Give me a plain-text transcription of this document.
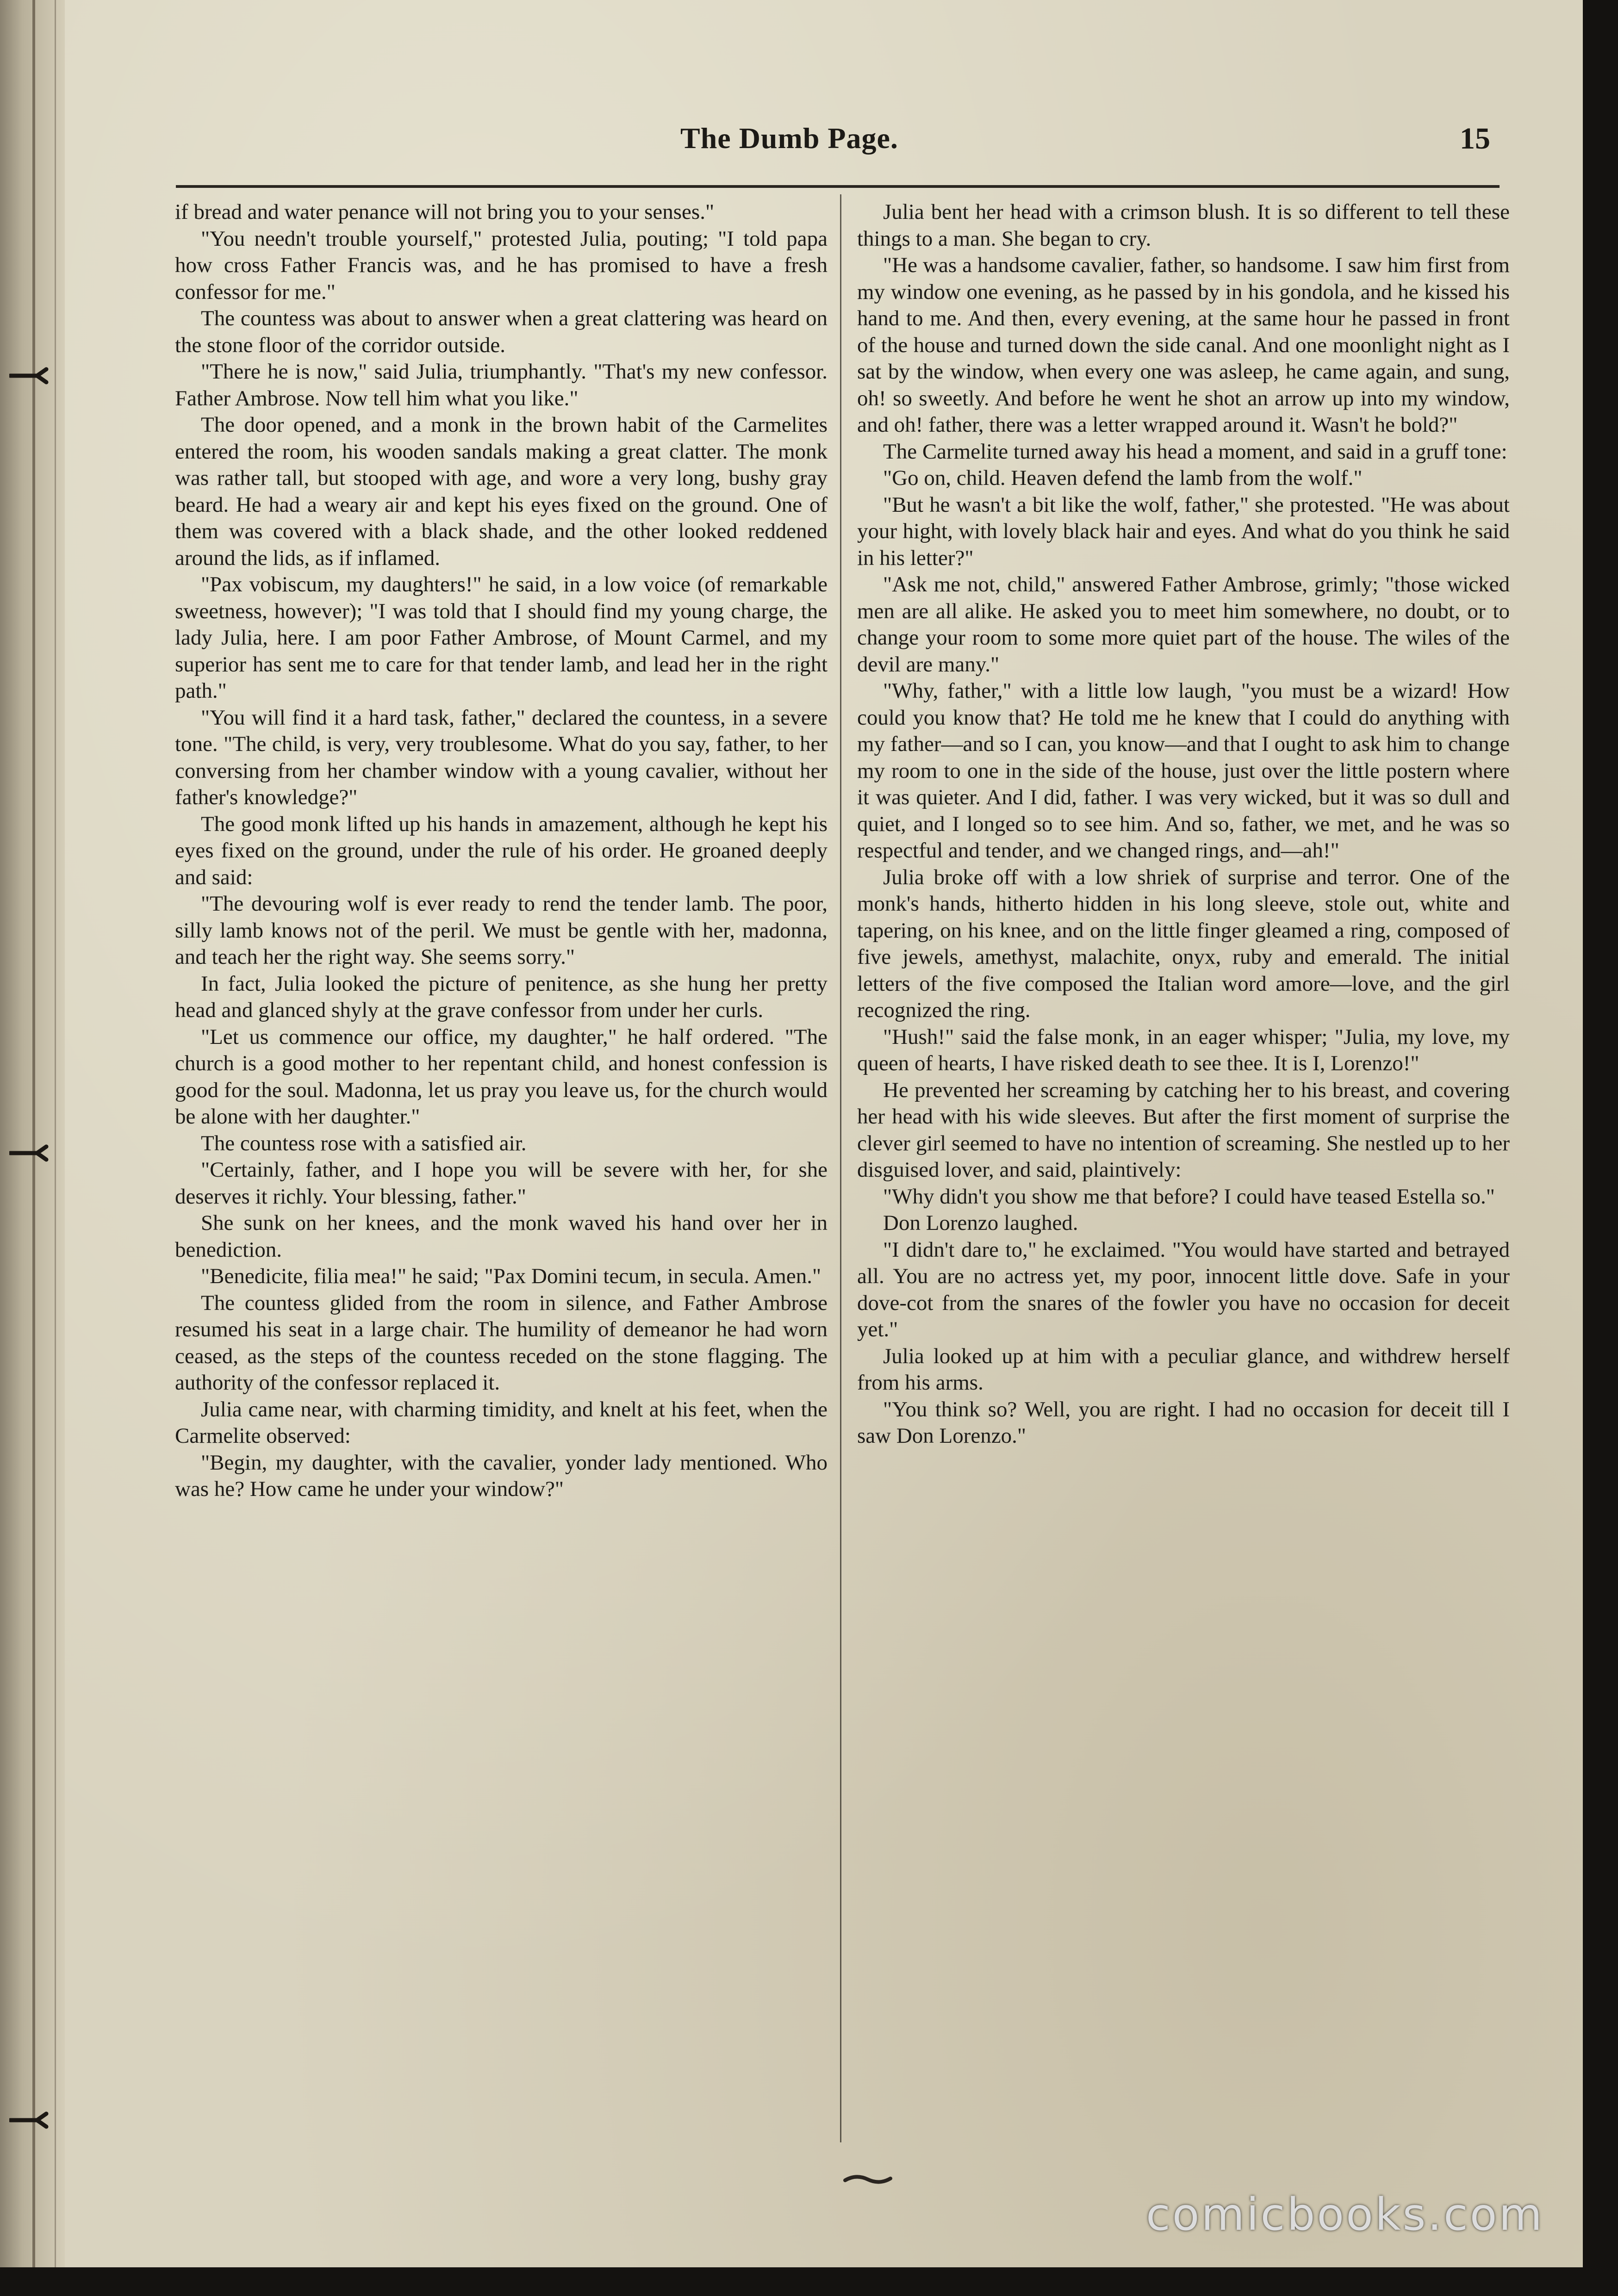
The Dumb Page.	15

if bread and water penance will not bring you to your senses."

"You needn't trouble yourself," protested Julia, pouting; "I told papa how cross Father Francis was, and he has promised to have a fresh confessor for me."

The countess was about to answer when a great clattering was heard on the stone floor of the corridor outside.

"There he is now," said Julia, triumphantly. "That's my new confessor. Father Ambrose. Now tell him what you like."

The door opened, and a monk in the brown habit of the Carmelites entered the room, his wooden sandals making a great clatter. The monk was rather tall, but stooped with age, and wore a very long, bushy gray beard. He had a weary air and kept his eyes fixed on the ground. One of them was covered with a black shade, and the other looked reddened around the lids, as if inflamed.

"Pax vobiscum, my daughters!" he said, in a low voice (of remarkable sweetness, however); "I was told that I should find my young charge, the lady Julia, here. I am poor Father Ambrose, of Mount Carmel, and my superior has sent me to care for that tender lamb, and lead her in the right path."

"You will find it a hard task, father," declared the countess, in a severe tone. "The child, is very, very troublesome. What do you say, father, to her conversing from her chamber window with a young cavalier, without her father's knowledge?"

The good monk lifted up his hands in amazement, although he kept his eyes fixed on the ground, under the rule of his order. He groaned deeply and said:

"The devouring wolf is ever ready to rend the tender lamb. The poor, silly lamb knows not of the peril. We must be gentle with her, madonna, and teach her the right way. She seems sorry."

In fact, Julia looked the picture of penitence, as she hung her pretty head and glanced shyly at the grave confessor from under her curls.

"Let us commence our office, my daughter," he half ordered. "The church is a good mother to her repentant child, and honest confession is good for the soul. Madonna, let us pray you leave us, for the church would be alone with her daughter."

The countess rose with a satisfied air.

"Certainly, father, and I hope you will be severe with her, for she deserves it richly. Your blessing, father."

She sunk on her knees, and the monk waved his hand over her in benediction.

"Benedicite, filia mea!" he said; "Pax Domini tecum, in secula. Amen."

The countess glided from the room in silence, and Father Ambrose resumed his seat in a large chair. The humility of demeanor he had worn ceased, as the steps of the countess receded on the stone flagging. The authority of the confessor replaced it.

Julia came near, with charming timidity, and knelt at his feet, when the Carmelite observed:

"Begin, my daughter, with the cavalier, yonder lady mentioned. Who was he? How came he under your window?"

Julia bent her head with a crimson blush. It is so different to tell these things to a man. She began to cry.

"He was a handsome cavalier, father, so handsome. I saw him first from my window one evening, as he passed by in his gondola, and he kissed his hand to me. And then, every evening, at the same hour he passed in front of the house and turned down the side canal. And one moonlight night as I sat by the window, when every one was asleep, he came again, and sung, oh! so sweetly. And before he went he shot an arrow up into my window, and oh! father, there was a letter wrapped around it. Wasn't he bold?"

The Carmelite turned away his head a moment, and said in a gruff tone:

"Go on, child. Heaven defend the lamb from the wolf."

"But he wasn't a bit like the wolf, father," she protested. "He was about your hight, with lovely black hair and eyes. And what do you think he said in his letter?"

"Ask me not, child," answered Father Ambrose, grimly; "those wicked men are all alike. He asked you to meet him somewhere, no doubt, or to change your room to some more quiet part of the house. The wiles of the devil are many."

"Why, father," with a little low laugh, "you must be a wizard! How could you know that? He told me he knew that I could do anything with my father—and so I can, you know—and that I ought to ask him to change my room to one in the side of the house, just over the little postern where it was quieter. And I did, father. I was very wicked, but it was so dull and quiet, and I longed so to see him. And so, father, we met, and he was so respectful and tender, and we changed rings, and—ah!"

Julia broke off with a low shriek of surprise and terror. One of the monk's hands, hitherto hidden in his long sleeve, stole out, white and tapering, on his knee, and on the little finger gleamed a ring, composed of five jewels, amethyst, malachite, onyx, ruby and emerald. The initial letters of the five composed the Italian word amore—love, and the girl recognized the ring.

"Hush!" said the false monk, in an eager whisper; "Julia, my love, my queen of hearts, I have risked death to see thee. It is I, Lorenzo!"

He prevented her screaming by catching her to his breast, and covering her head with his wide sleeves. But after the first moment of surprise the clever girl seemed to have no intention of screaming. She nestled up to her disguised lover, and said, plaintively:

"Why didn't you show me that before? I could have teased Estella so."

Don Lorenzo laughed.

"I didn't dare to," he exclaimed. "You would have started and betrayed all. You are no actress yet, my poor, innocent little dove. Safe in your dove-cot from the snares of the fowler you have no occasion for deceit yet."

Julia looked up at him with a peculiar glance, and withdrew herself from his arms.

"You think so? Well, you are right. I had no occasion for deceit till I saw Don Lorenzo."

comicbooks.com
